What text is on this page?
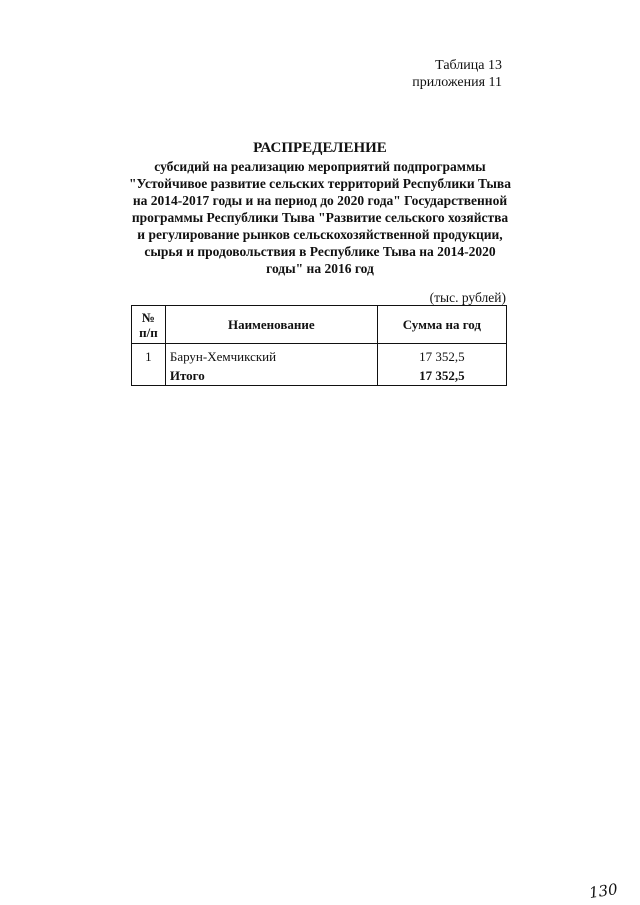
Таблица 13
приложения 11
РАСПРЕДЕЛЕНИЕ
субсидий на реализацию мероприятий подпрограммы
"Устойчивое развитие сельских территорий Республики Тыва
на 2014-2017 годы и на период до 2020 года" Государственной
программы Республики Тыва "Развитие сельского хозяйства
и регулирование рынков сельскохозяйственной продукции,
сырья и продовольствия в Республике Тыва на 2014-2020
годы" на 2016 год
(тыс. рублей)
№
п/п	Наименование	Сумма на год
1	Барун-Хемчикский	17 352,5
	Итого	17 352,5
130
